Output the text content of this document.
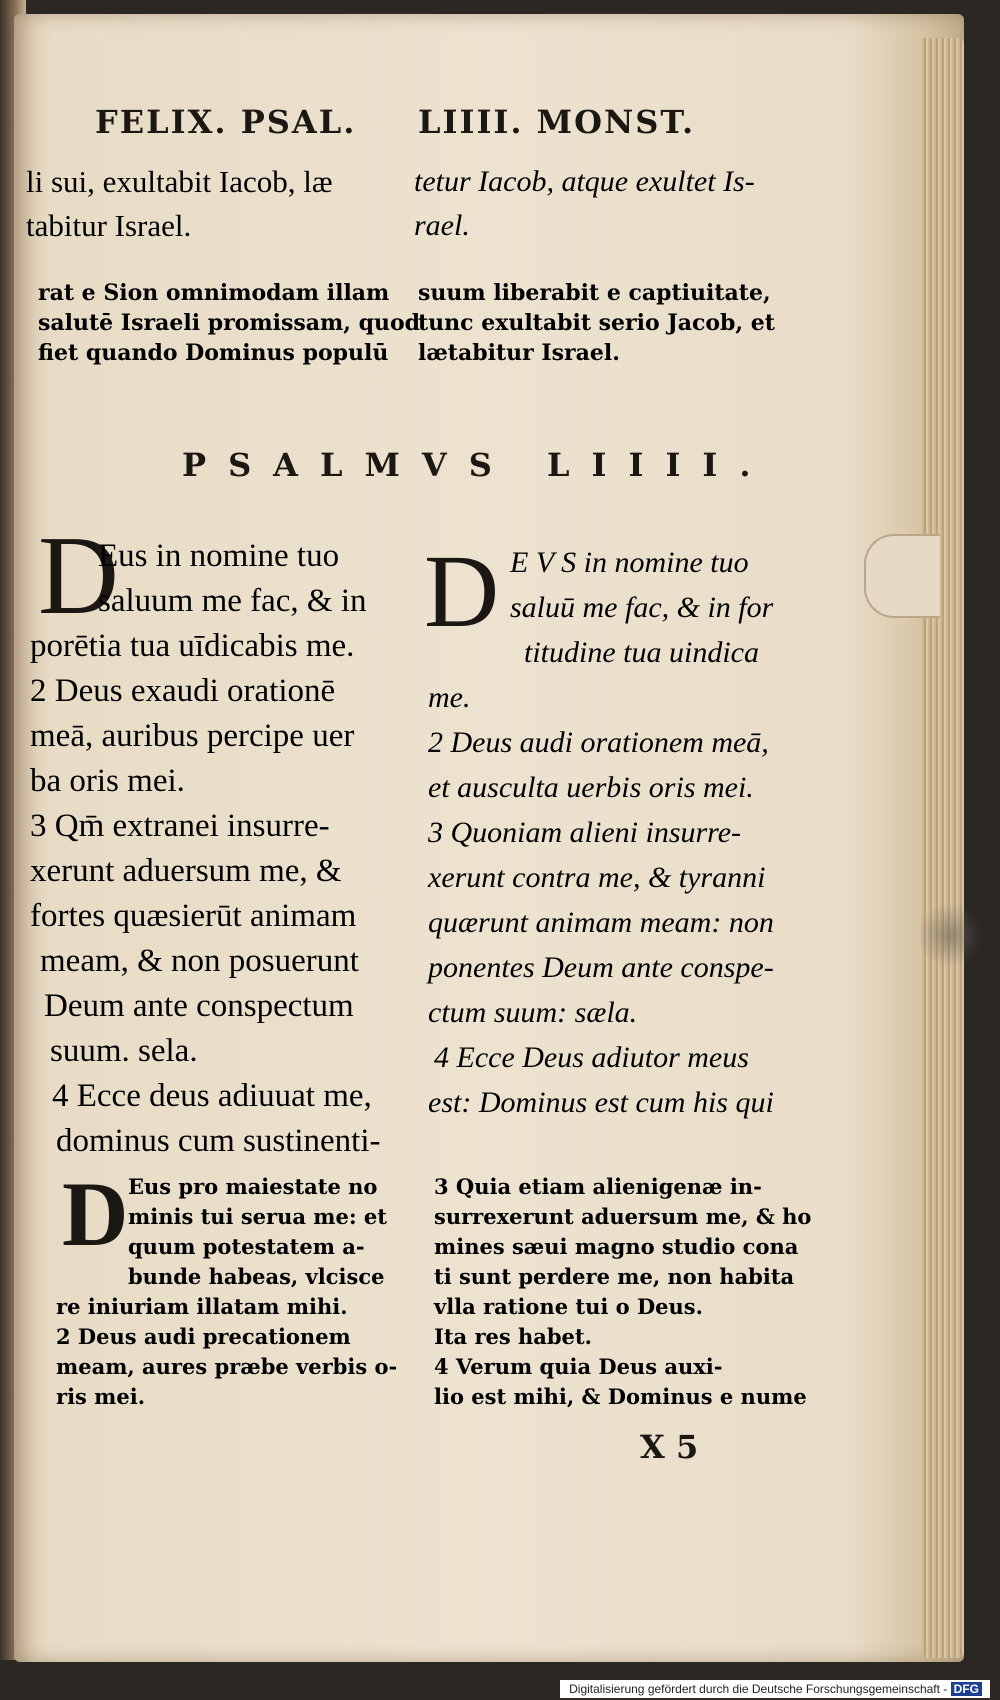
FELIX. PSAL. LIIII. MONST.
li sui, exultabit Iacob, læ
tabitur Israel.
tetur Iacob, atque exultet Is-
rael.
rat e Sion omnimodam illam
salutē Israeli promissam, quod
fiet quando Dominus populū
suum liberabit e captiuitate,
tunc exultabit serio Jacob, et
lætabitur Israel.
PSALMVS LIIII.
D
Eus in nomine tuo
saluum me fac, & in
porētia tua uīdicabis me.
2 Deus exaudi orationē
meā, auribus percipe uer
ba oris mei.
3 Qm̄ extranei insurre-
xerunt aduersum me, &
fortes quæsierūt animam
meam, & non posuerunt
Deum ante conspectum
suum. sela.
4 Ecce deus adiuuat me,
dominus cum sustinenti-
D E V S in nomine tuo
saluū me fac, & in for
titudine tua uindica
me.
2 Deus audi orationem meā,
et ausculta uerbis oris mei.
3 Quoniam alieni insurre-
xerunt contra me, & tyranni
quærunt animam meam: non
ponentes Deum ante conspe-
ctum suum: sæla.
4 Ecce Deus adiutor meus
est: Dominus est cum his qui
D Eus pro maiestate no
minis tui serua me: et
quum potestatem a-
bunde habeas, vlcisce
re iniuriam illatam mihi.
2 Deus audi precationem
meam, aures præbe verbis o-
ris mei.
3 Quia etiam alienigenæ in-
surrexerunt aduersum me, & ho
mines sæui magno studio cona
ti sunt perdere me, non habita
vlla ratione tui o Deus.
Ita res habet.
4 Verum quia Deus auxi-
lio est mihi, & Dominus e nume
X 5
Digitalisierung gefördert durch die Deutsche Forschungsgemeinschaft - DFG
